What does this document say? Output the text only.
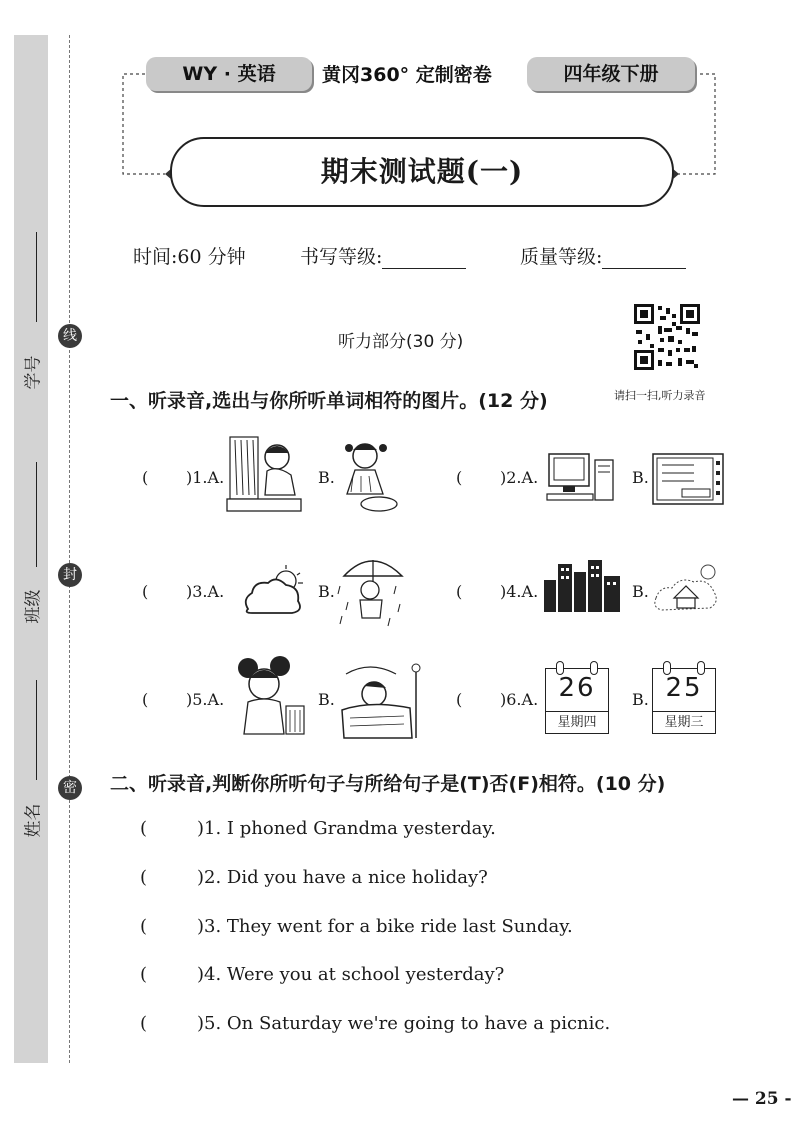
学号
线
班级
封
姓名
密
WY · 英语	黄冈360° 定制密卷	四年级下册
期末测试题(一)
时间:60 分钟	书写等级:	质量等级:
听力部分(30 分)
请扫一扫,听力录音
一、听录音,选出与你所听单词相符的图片。(12 分)
( )1.A.	B.	( )2.A.	B.
( )3.A.	B.	( )4.A.	B.
( )5.A.	B.	( )6.A. 26
星期四
B. 25
星期三
二、听录音,判断你所听句子与所给句子是(T)否(F)相符。(10 分)
(	)1. I phoned Grandma yesterday.
(	)2. Did you have a nice holiday?
(	)3. They went for a bike ride last Sunday.
(	)4. Were you at school yesterday?
(	)5. On Saturday we're going to have a picnic.
— 25 -
